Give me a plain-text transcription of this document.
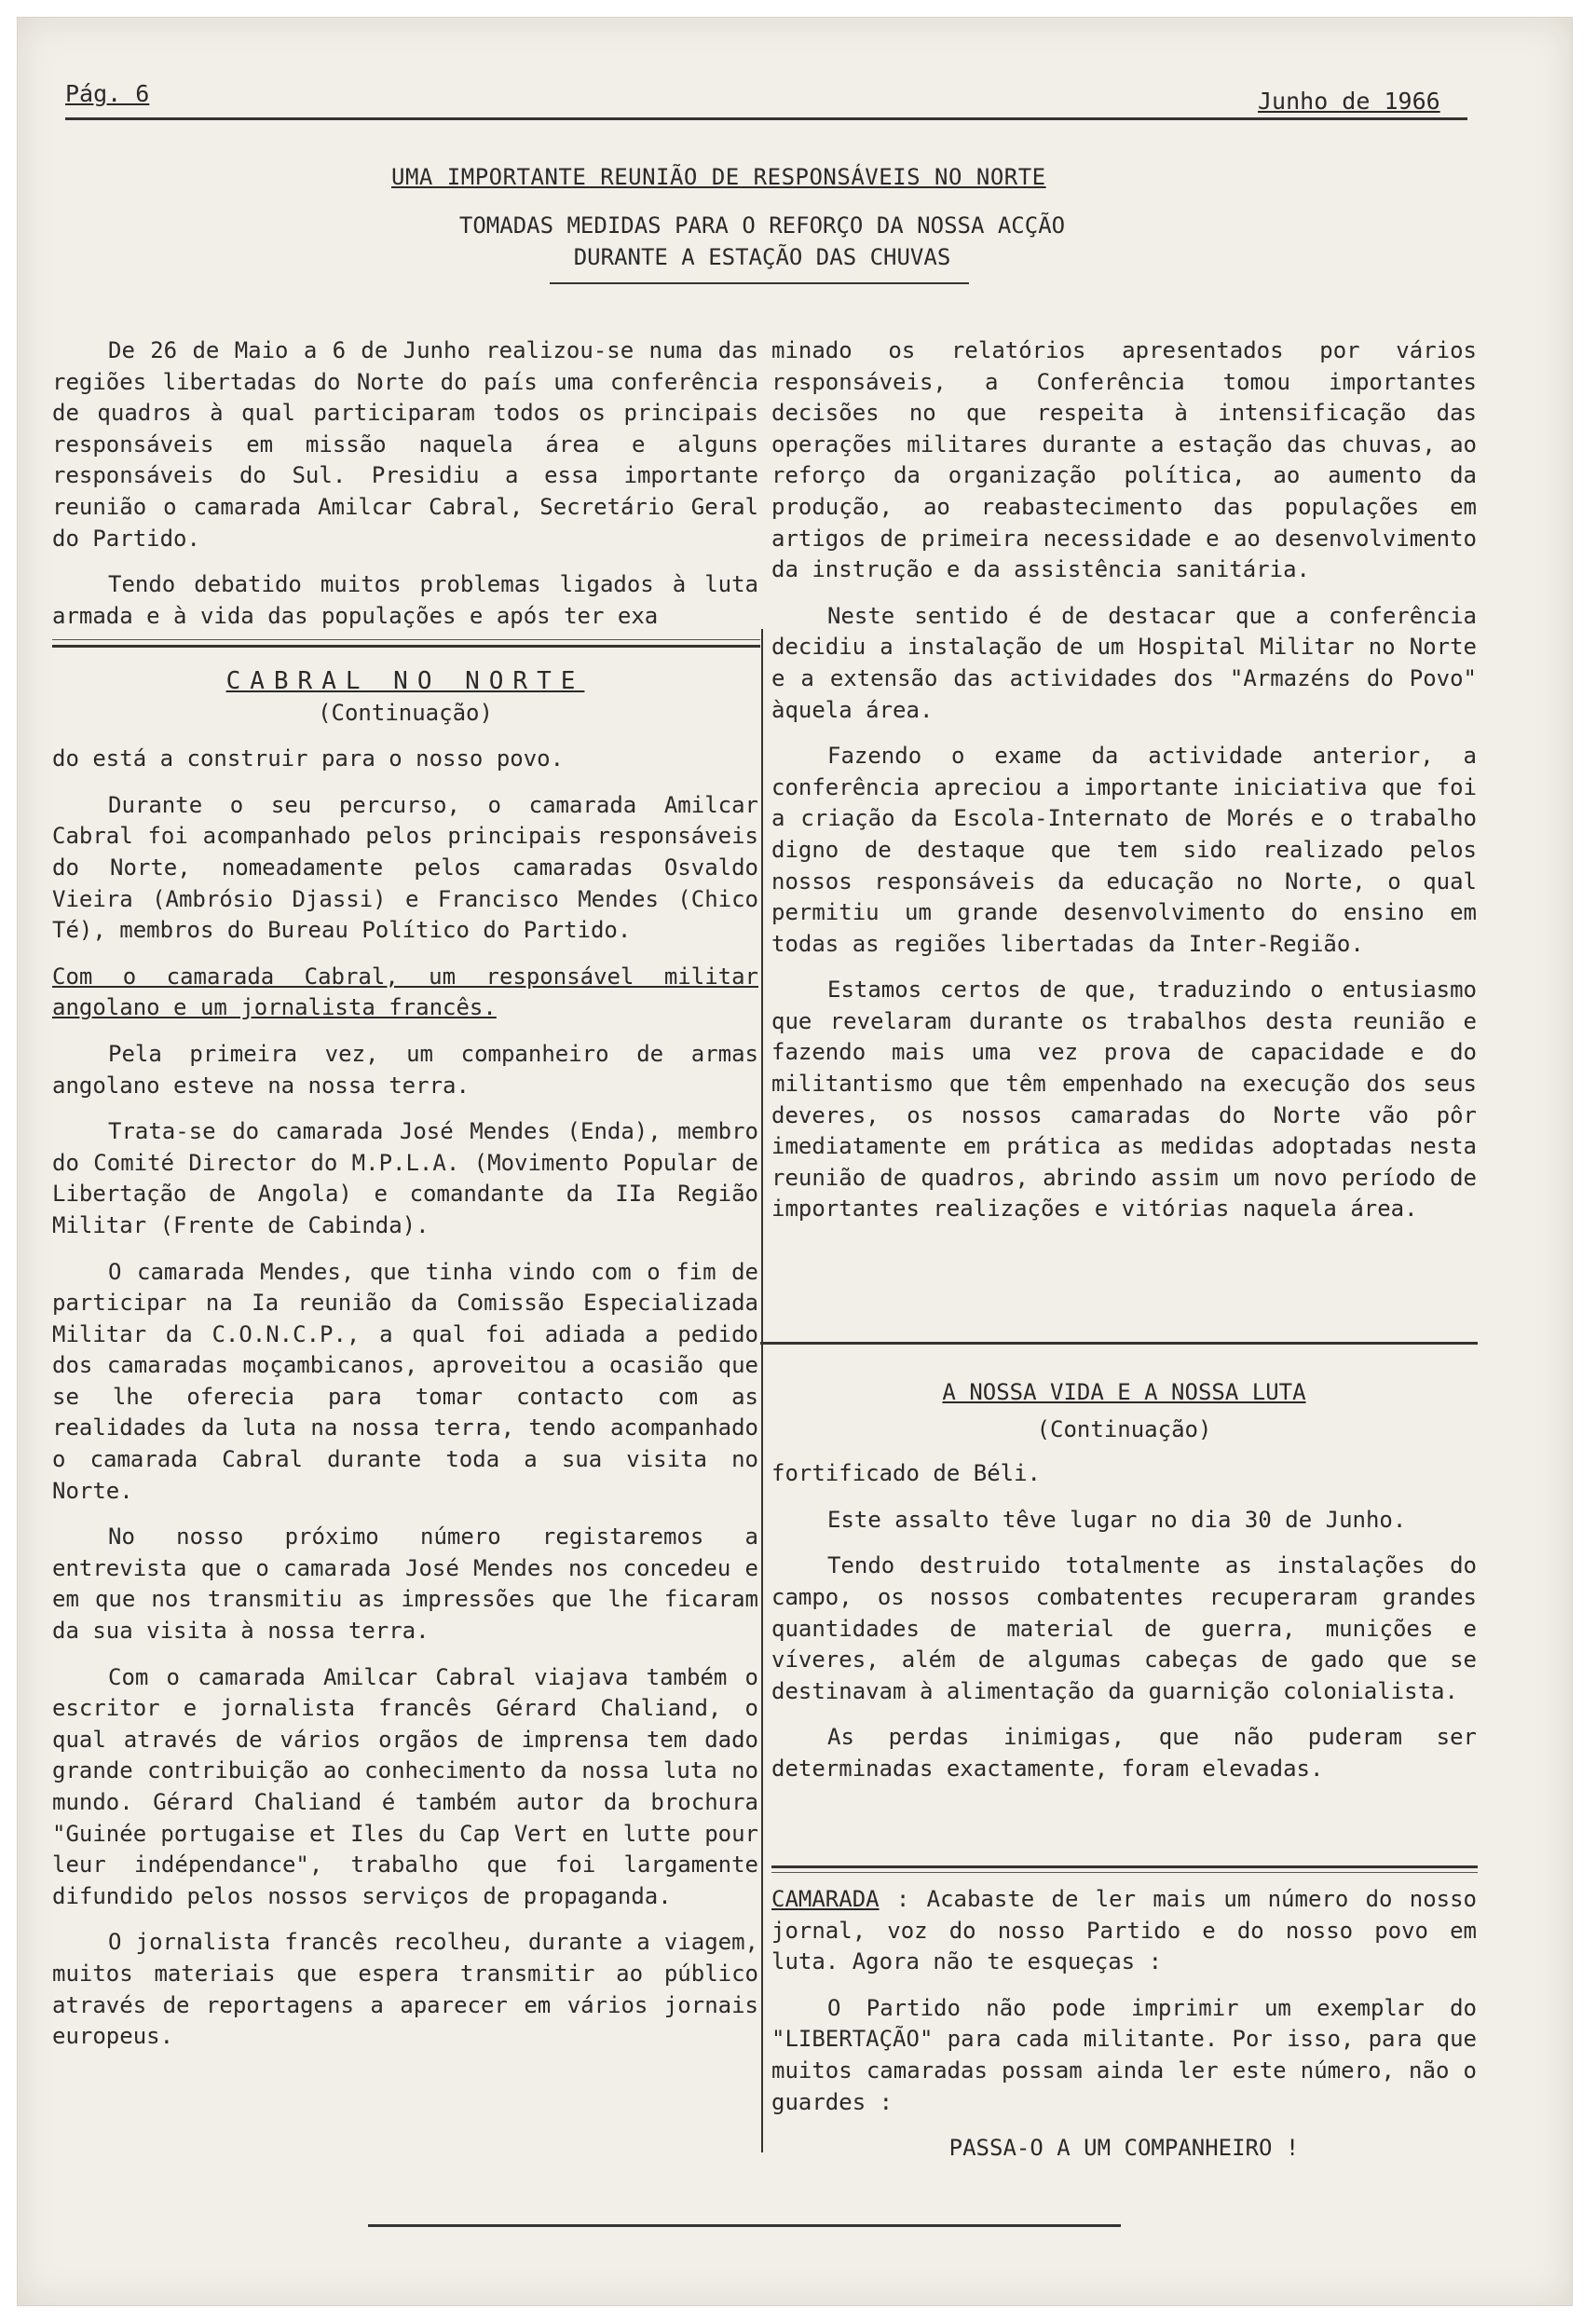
Pág. 6	Junho de 1966
UMA IMPORTANTE REUNIÃO DE RESPONSÁVEIS NO NORTE
TOMADAS MEDIDAS PARA O REFORÇO DA NOSSA ACÇÃO
DURANTE A ESTAÇÃO DAS CHUVAS

De 26 de Maio a 6 de Junho realizou-se numa das regiões libertadas do Norte do país uma conferência de quadros à qual participaram todos os principais responsáveis em missão naquela área e alguns responsáveis do Sul. Presidiu a essa importante reunião o camarada Amilcar Cabral, Secretário Geral do Partido.

Tendo debatido muitos problemas ligados à luta armada e à vida das populações e após ter exa

CABRAL NO NORTE
(Continuação)

do está a construir para o nosso povo.

Durante o seu percurso, o camarada Amilcar Cabral foi acompanhado pelos principais responsáveis do Norte, nomeadamente pelos camaradas Osvaldo Vieira (Ambrósio Djassi) e Francisco Mendes (Chico Té), membros do Bureau Político do Partido.

Com o camarada Cabral, um responsável militar angolano e um jornalista francês.

Pela primeira vez, um companheiro de armas angolano esteve na nossa terra.

Trata-se do camarada José Mendes (Enda), membro do Comité Director do M.P.L.A. (Movimento Popular de Libertação de Angola) e comandante da IIa Região Militar (Frente de Cabinda).

O camarada Mendes, que tinha vindo com o fim de participar na Ia reunião da Comissão Especializada Militar da C.O.N.C.P., a qual foi adiada a pedido dos camaradas moçambicanos, aproveitou a ocasião que se lhe oferecia para tomar contacto com as realidades da luta na nossa terra, tendo acompanhado o camarada Cabral durante toda a sua visita no Norte.

No nosso próximo número registaremos a entrevista que o camarada José Mendes nos concedeu e em que nos transmitiu as impressões que lhe ficaram da sua visita à nossa terra.

Com o camarada Amilcar Cabral viajava também o escritor e jornalista francês Gérard Chaliand, o qual através de vários orgãos de imprensa tem dado grande contribuição ao conhecimento da nossa luta no mundo. Gérard Chaliand é também autor da brochura "Guinée portugaise et Iles du Cap Vert en lutte pour leur indépendance", trabalho que foi largamente difundido pelos nossos serviços de propaganda.

O jornalista francês recolheu, durante a viagem, muitos materiais que espera transmitir ao público através de reportagens a aparecer em vários jornais europeus.

minado os relatórios apresentados por vários responsáveis, a Conferência tomou importantes decisões no que respeita à intensificação das operações militares durante a estação das chuvas, ao reforço da organização política, ao aumento da produção, ao reabastecimento das populações em artigos de primeira necessidade e ao desenvolvimento da instrução e da assistência sanitária.

Neste sentido é de destacar que a conferência decidiu a instalação de um Hospital Militar no Norte e a extensão das actividades dos "Armazéns do Povo" àquela área.

Fazendo o exame da actividade anterior, a conferência apreciou a importante iniciativa que foi a criação da Escola-Internato de Morés e o trabalho digno de destaque que tem sido realizado pelos nossos responsáveis da educação no Norte, o qual permitiu um grande desenvolvimento do ensino em todas as regiões libertadas da Inter-Região.

Estamos certos de que, traduzindo o entusiasmo que revelaram durante os trabalhos desta reunião e fazendo mais uma vez prova de capacidade e do militantismo que têm empenhado na execução dos seus deveres, os nossos camaradas do Norte vão pôr imediatamente em prática as medidas adoptadas nesta reunião de quadros, abrindo assim um novo período de importantes realizações e vitórias naquela área.

A NOSSA VIDA E A NOSSA LUTA
(Continuação)

fortificado de Béli.

Este assalto têve lugar no dia 30 de Junho.

Tendo destruido totalmente as instalações do campo, os nossos combatentes recuperaram grandes quantidades de material de guerra, munições e víveres, além de algumas cabeças de gado que se destinavam à alimentação da guarnição colonialista.

As perdas inimigas, que não puderam ser determinadas exactamente, foram elevadas.

CAMARADA : Acabaste de ler mais um número do nosso jornal, voz do nosso Partido e do nosso povo em luta. Agora não te esqueças :

O Partido não pode imprimir um exemplar do "LIBERTAÇÃO" para cada militante. Por isso, para que muitos camaradas possam ainda ler este número, não o guardes :

PASSA-O A UM COMPANHEIRO !
